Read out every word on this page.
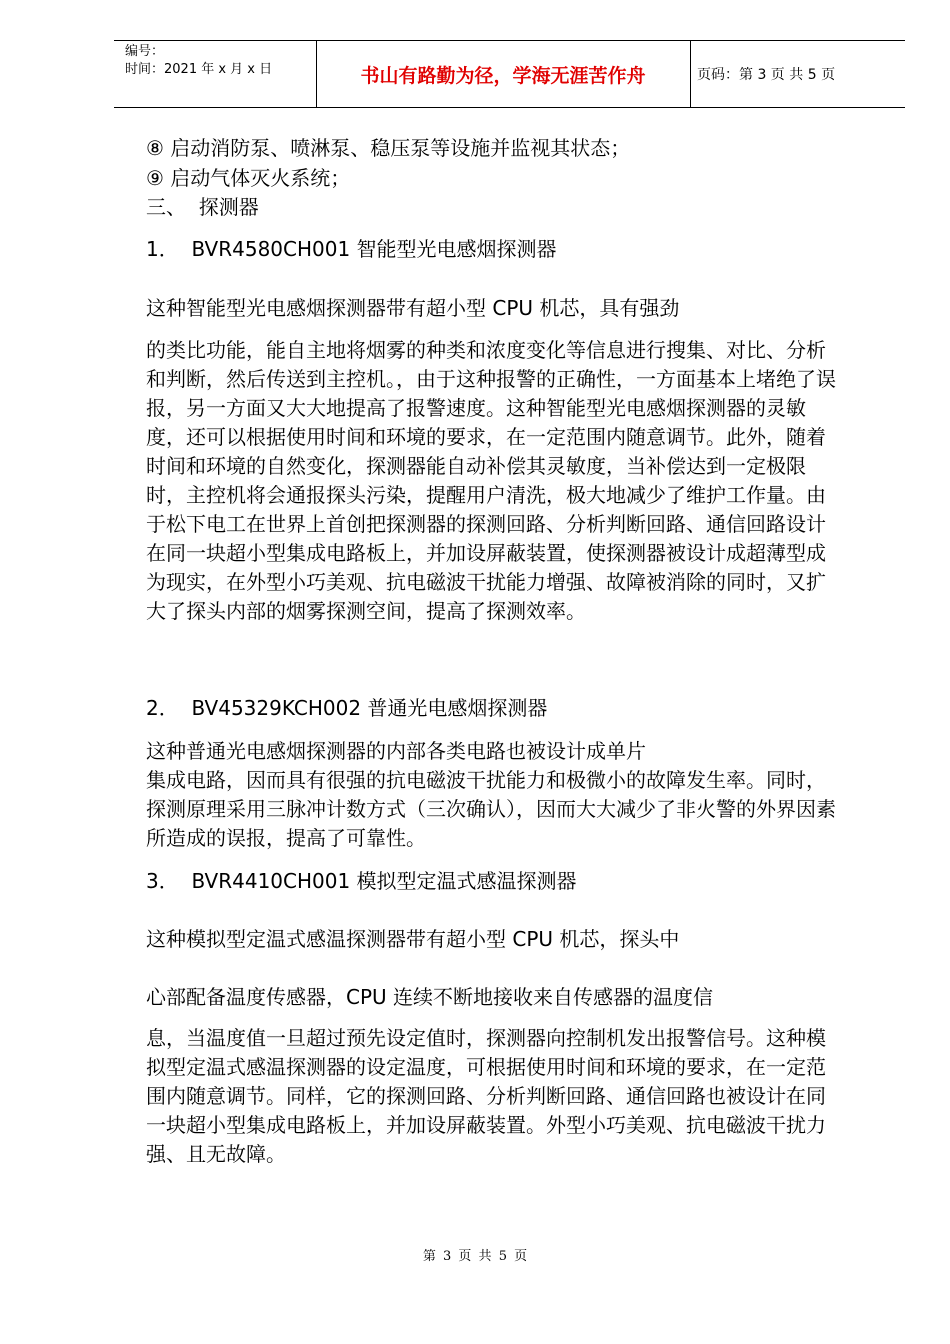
编号：
时间：2021 年 x 月 x 日	书山有路勤为径，学海无涯苦作舟	页码：第 3 页 共 5 页
⑧ 启动消防泵、喷淋泵、稳压泵等设施并监视其状态；
⑨ 启动气体灭火系统；
三、  探测器
1．  BVR4580CH001 智能型光电感烟探测器
这种智能型光电感烟探测器带有超小型 CPU 机芯，具有强劲
的类比功能，能自主地将烟雾的种类和浓度变化等信息进行搜集、对比、分析和判断，然后传送到主控机。，由于这种报警的正确性，一方面基本上堵绝了误报，另一方面又大大地提高了报警速度。这种智能型光电感烟探测器的灵敏度，还可以根据使用时间和环境的要求，在一定范围内随意调节。此外，随着时间和环境的自然变化，探测器能自动补偿其灵敏度，当补偿达到一定极限时，主控机将会通报探头污染，提醒用户清洗，极大地减少了维护工作量。由于松下电工在世界上首创把探测器的探测回路、分析判断回路、通信回路设计在同一块超小型集成电路板上，并加设屏蔽装置，使探测器被设计成超薄型成为现实，在外型小巧美观、抗电磁波干扰能力增强、故障被消除的同时，又扩大了探头内部的烟雾探测空间，提高了探测效率。
2．  BV45329KCH002 普通光电感烟探测器
这种普通光电感烟探测器的内部各类电路也被设计成单片
集成电路，因而具有很强的抗电磁波干扰能力和极微小的故障发生率。同时，探测原理采用三脉冲计数方式（三次确认），因而大大减少了非火警的外界因素所造成的误报，提高了可靠性。
3．  BVR4410CH001 模拟型定温式感温探测器
这种模拟型定温式感温探测器带有超小型 CPU 机芯，探头中
心部配备温度传感器，CPU 连续不断地接收来自传感器的温度信
息，当温度值一旦超过预先设定值时，探测器向控制机发出报警信号。这种模拟型定温式感温探测器的设定温度，可根据使用时间和环境的要求，在一定范围内随意调节。同样，它的探测回路、分析判断回路、通信回路也被设计在同一块超小型集成电路板上，并加设屏蔽装置。外型小巧美观、抗电磁波干扰力强、且无故障。
第 3 页 共 5 页
